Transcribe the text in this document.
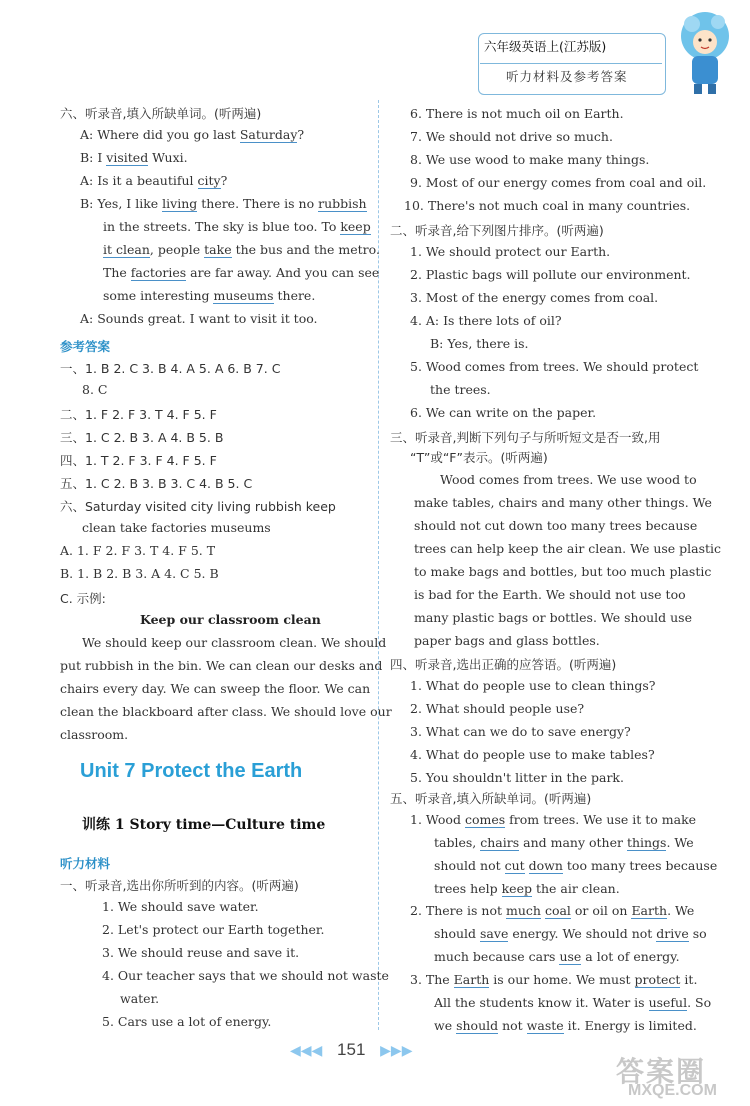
六年级英语上(江苏版)
听力材料及参考答案
六、听录音,填入所缺单词。(听两遍)
A: Where did you go last Saturday?
B: I visited Wuxi.
A: Is it a beautiful city?
B: Yes, I like living there. There is no rubbish
in the streets. The sky is blue too. To keep
it clean, people take the bus and the metro.
The factories are far away. And you can see
some interesting museums there.
A: Sounds great. I want to visit it too.
参考答案
一、1. B 2. C 3. B 4. A 5. A 6. B 7. C
8. C
二、1. F 2. F 3. T 4. F 5. F
三、1. C 2. B 3. A 4. B 5. B
四、1. T 2. F 3. F 4. F 5. F
五、1. C 2. B 3. B 3. C 4. B 5. C
六、Saturday visited city living rubbish keep
clean take factories museums
A. 1. F 2. F 3. T 4. F 5. T
B. 1. B 2. B 3. A 4. C 5. B
C. 示例:
Keep our classroom clean
We should keep our classroom clean. We should
put rubbish in the bin. We can clean our desks and
chairs every day. We can sweep the floor. We can
clean the blackboard after class. We should love our
classroom.
Unit 7 Protect the Earth
训练 1 Story time—Culture time
听力材料
一、听录音,选出你所听到的内容。(听两遍)
1. We should save water.
2. Let's protect our Earth together.
3. We should reuse and save it.
4. Our teacher says that we should not waste
water.
5. Cars use a lot of energy.
6. There is not much oil on Earth.
7. We should not drive so much.
8. We use wood to make many things.
9. Most of our energy comes from coal and oil.
10. There's not much coal in many countries.
二、听录音,给下列图片排序。(听两遍)
1. We should protect our Earth.
2. Plastic bags will pollute our environment.
3. Most of the energy comes from coal.
4. A: Is there lots of oil?
B: Yes, there is.
5. Wood comes from trees. We should protect
the trees.
6. We can write on the paper.
三、听录音,判断下列句子与所听短文是否一致,用
“T”或“F”表示。(听两遍)
Wood comes from trees. We use wood to
make tables, chairs and many other things. We
should not cut down too many trees because
trees can help keep the air clean. We use plastic
to make bags and bottles, but too much plastic
is bad for the Earth. We should not use too
many plastic bags or bottles. We should use
paper bags and glass bottles.
四、听录音,选出正确的应答语。(听两遍)
1. What do people use to clean things?
2. What should people use?
3. What can we do to save energy?
4. What do people use to make tables?
5. You shouldn't litter in the park.
五、听录音,填入所缺单词。(听两遍)
1. Wood comes from trees. We use it to make
tables, chairs and many other things. We
should not cut down too many trees because
trees help keep the air clean.
2. There is not much coal or oil on Earth. We
should save energy. We should not drive so
much because cars use a lot of energy.
3. The Earth is our home. We must protect it.
All the students know it. Water is useful. So
we should not waste it. Energy is limited.
◀◀◀ 151 ▶▶▶
答案圈
MXQE.COM
